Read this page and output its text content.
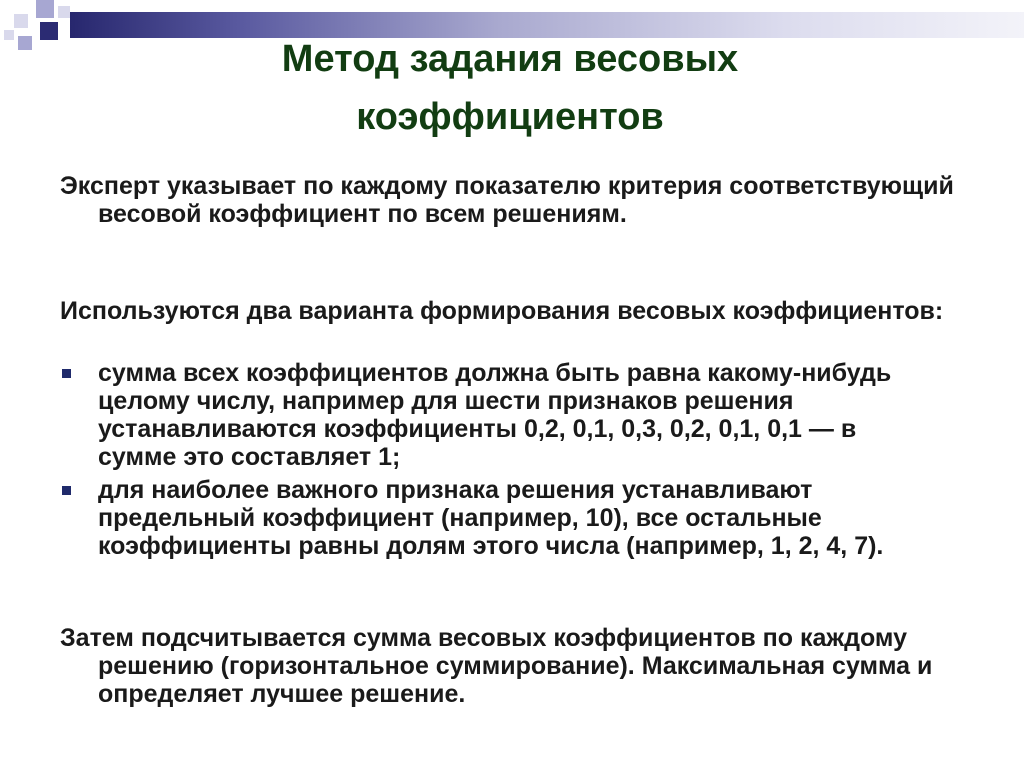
Метод задания весовых коэффициентов
Эксперт указывает по каждому показателю критерия соответствующий весовой коэффициент по всем решениям.
Используются два варианта формирования весовых коэффициентов:
сумма всех коэффициентов должна быть равна какому-нибудь целому числу, например для шести признаков решения устанавливаются коэффициенты 0,2, 0,1, 0,3, 0,2, 0,1, 0,1 — в сумме это составляет 1;
для наиболее важного признака решения устанавливают предельный коэффициент (например, 10), все остальные коэффициенты равны долям этого числа (например, 1, 2, 4, 7).
Затем подсчитывается сумма весовых коэффициентов по каждому решению (горизонтальное суммирование). Максимальная сумма и определяет лучшее решение.
